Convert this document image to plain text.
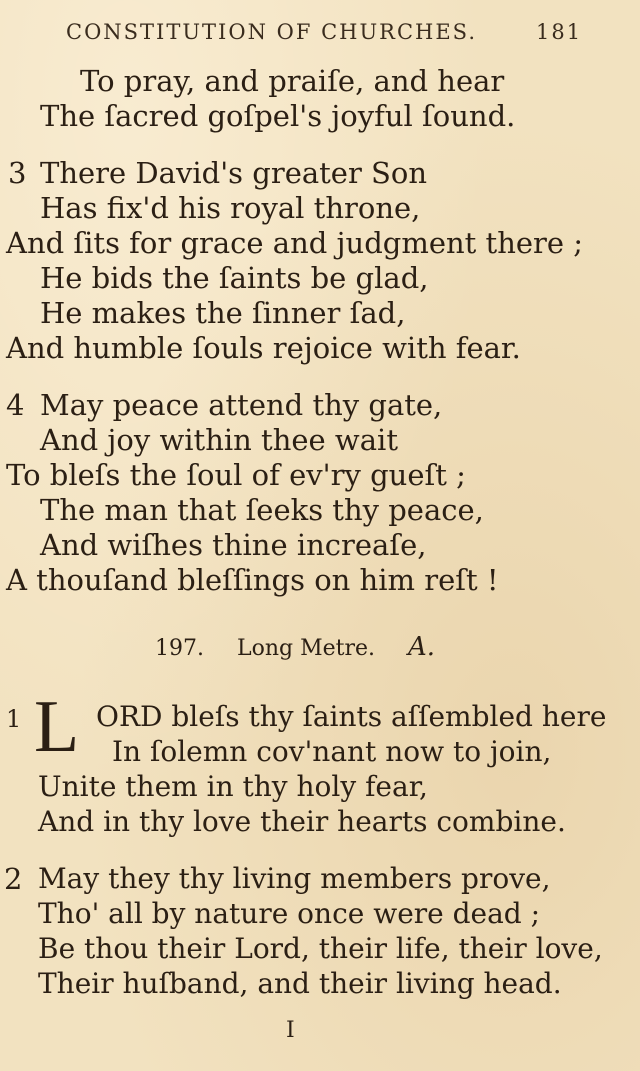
CONSTITUTION OF CHURCHES.	181
To pray, and praiſe, and hear
The ſacred goſpel's joyful ſound.
3 There David's greater Son
Has fix'd his royal throne,
And ſits for grace and judgment there ;
He bids the ſaints be glad,
He makes the ſinner ſad,
And humble ſouls rejoice with fear.
4 May peace attend thy gate,
And joy within thee wait
To bleſs the ſoul of ev'ry gueſt ;
The man that ſeeks thy peace,
And wiſhes thine increaſe,
A thouſand bleſſings on him reſt !
197. Long Metre. A.
1 L ORD bleſs thy ſaints aſſembled here
In ſolemn cov'nant now to join,
Unite them in thy holy fear,
And in thy love their hearts combine.
2 May they thy living members prove,
Tho' all by nature once were dead ;
Be thou their Lord, their life, their love,
Their huſband, and their living head.
I
